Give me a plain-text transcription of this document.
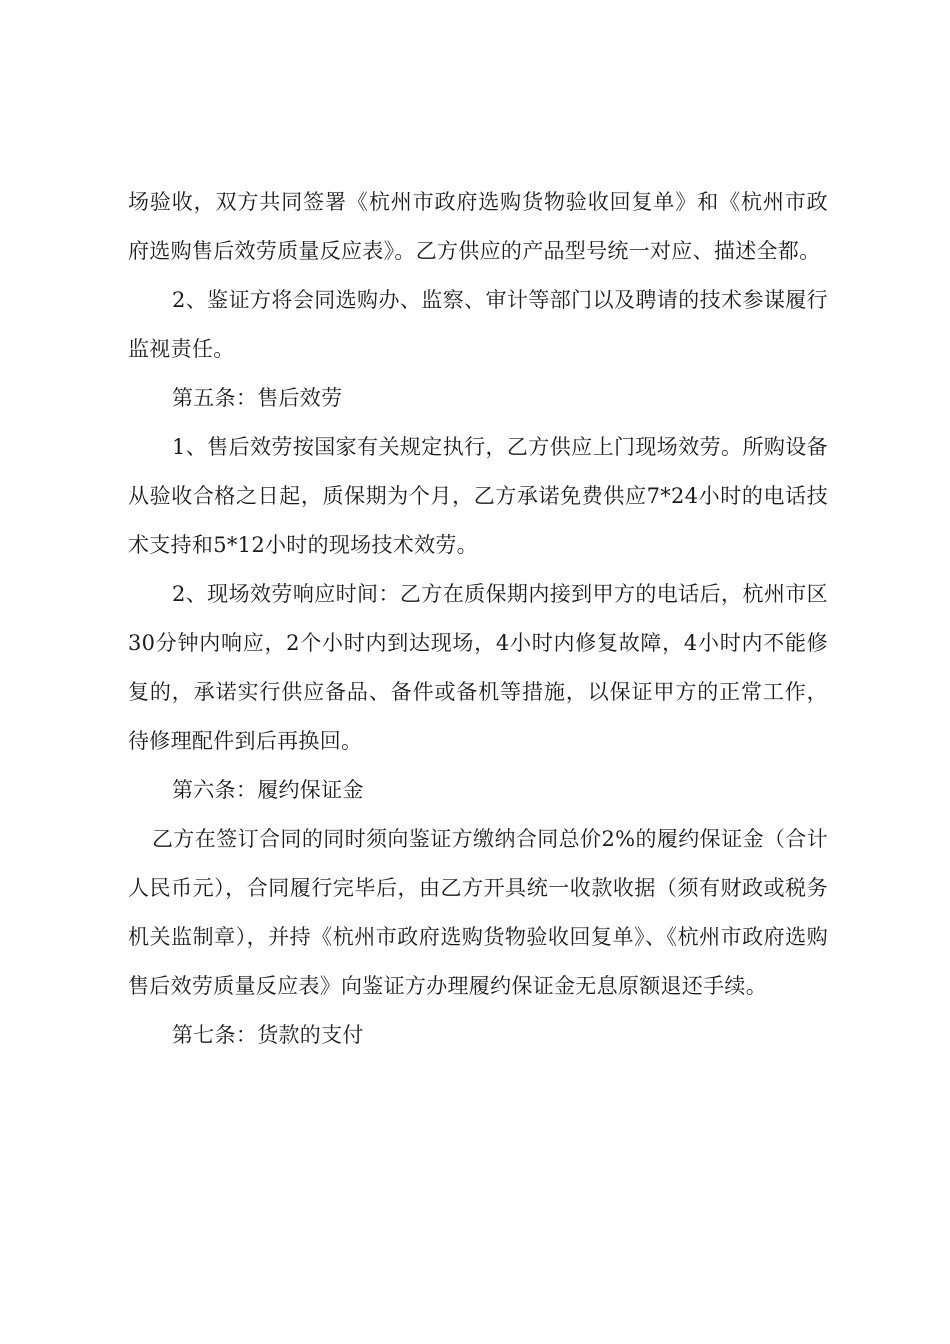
场验收，双方共同签署《杭州市政府选购货物验收回复单》和《杭州市政府选购售后效劳质量反应表》。乙方供应的产品型号统一对应、描述全都。

2、鉴证方将会同选购办、监察、审计等部门以及聘请的技术参谋履行监视责任。

第五条：售后效劳

1、售后效劳按国家有关规定执行，乙方供应上门现场效劳。所购设备从验收合格之日起，质保期为个月，乙方承诺免费供应7*24小时的电话技术支持和5*12小时的现场技术效劳。

2、现场效劳响应时间：乙方在质保期内接到甲方的电话后，杭州市区30分钟内响应，2个小时内到达现场，4小时内修复故障，4小时内不能修复的，承诺实行供应备品、备件或备机等措施，以保证甲方的正常工作，待修理配件到后再换回。

第六条：履约保证金

乙方在签订合同的同时须向鉴证方缴纳合同总价2%的履约保证金（合计人民币元），合同履行完毕后，由乙方开具统一收款收据（须有财政或税务机关监制章），并持《杭州市政府选购货物验收回复单》、《杭州市政府选购售后效劳质量反应表》向鉴证方办理履约保证金无息原额退还手续。

第七条：货款的支付
